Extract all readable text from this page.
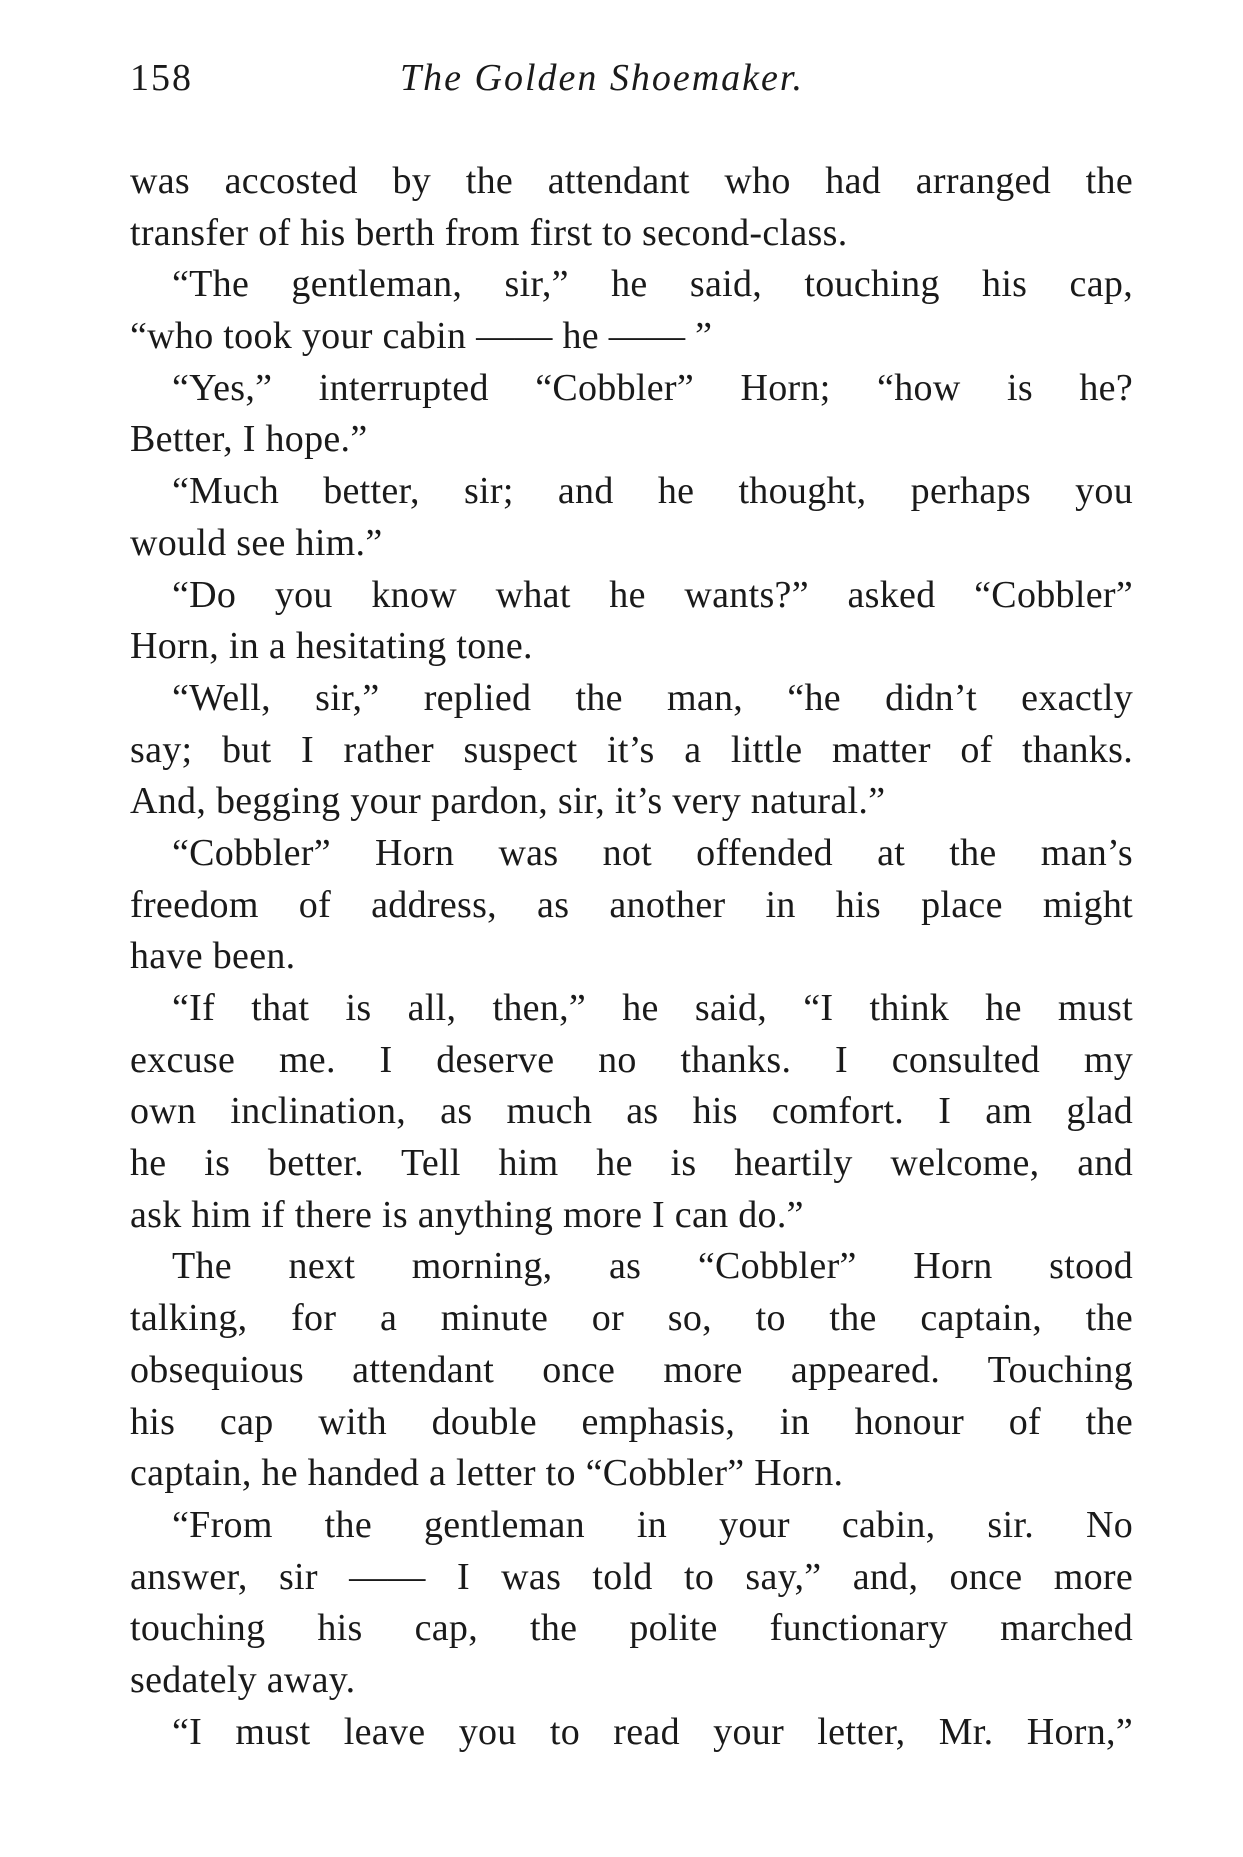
158	The Golden Shoemaker.
was accosted by the attendant who had arranged the
transfer of his berth from first to second-class.
“The gentleman, sir,” he said, touching his cap,
“who took your cabin —— he —— ”
“Yes,” interrupted “Cobbler” Horn; “how is he?
Better, I hope.”
“Much better, sir; and he thought, perhaps you
would see him.”
“Do you know what he wants?” asked “Cobbler”
Horn, in a hesitating tone.
“Well, sir,” replied the man, “he didn’t exactly
say; but I rather suspect it’s a little matter of thanks.
And, begging your pardon, sir, it’s very natural.”
“Cobbler” Horn was not offended at the man’s
freedom of address, as another in his place might
have been.
“If that is all, then,” he said, “I think he must
excuse me. I deserve no thanks. I consulted my
own inclination, as much as his comfort. I am glad
he is better. Tell him he is heartily welcome, and
ask him if there is anything more I can do.”
The next morning, as “Cobbler” Horn stood
talking, for a minute or so, to the captain, the
obsequious attendant once more appeared. Touching
his cap with double emphasis, in honour of the
captain, he handed a letter to “Cobbler” Horn.
“From the gentleman in your cabin, sir. No
answer, sir —— I was told to say,” and, once more
touching his cap, the polite functionary marched
sedately away.
“I must leave you to read your letter, Mr. Horn,”
